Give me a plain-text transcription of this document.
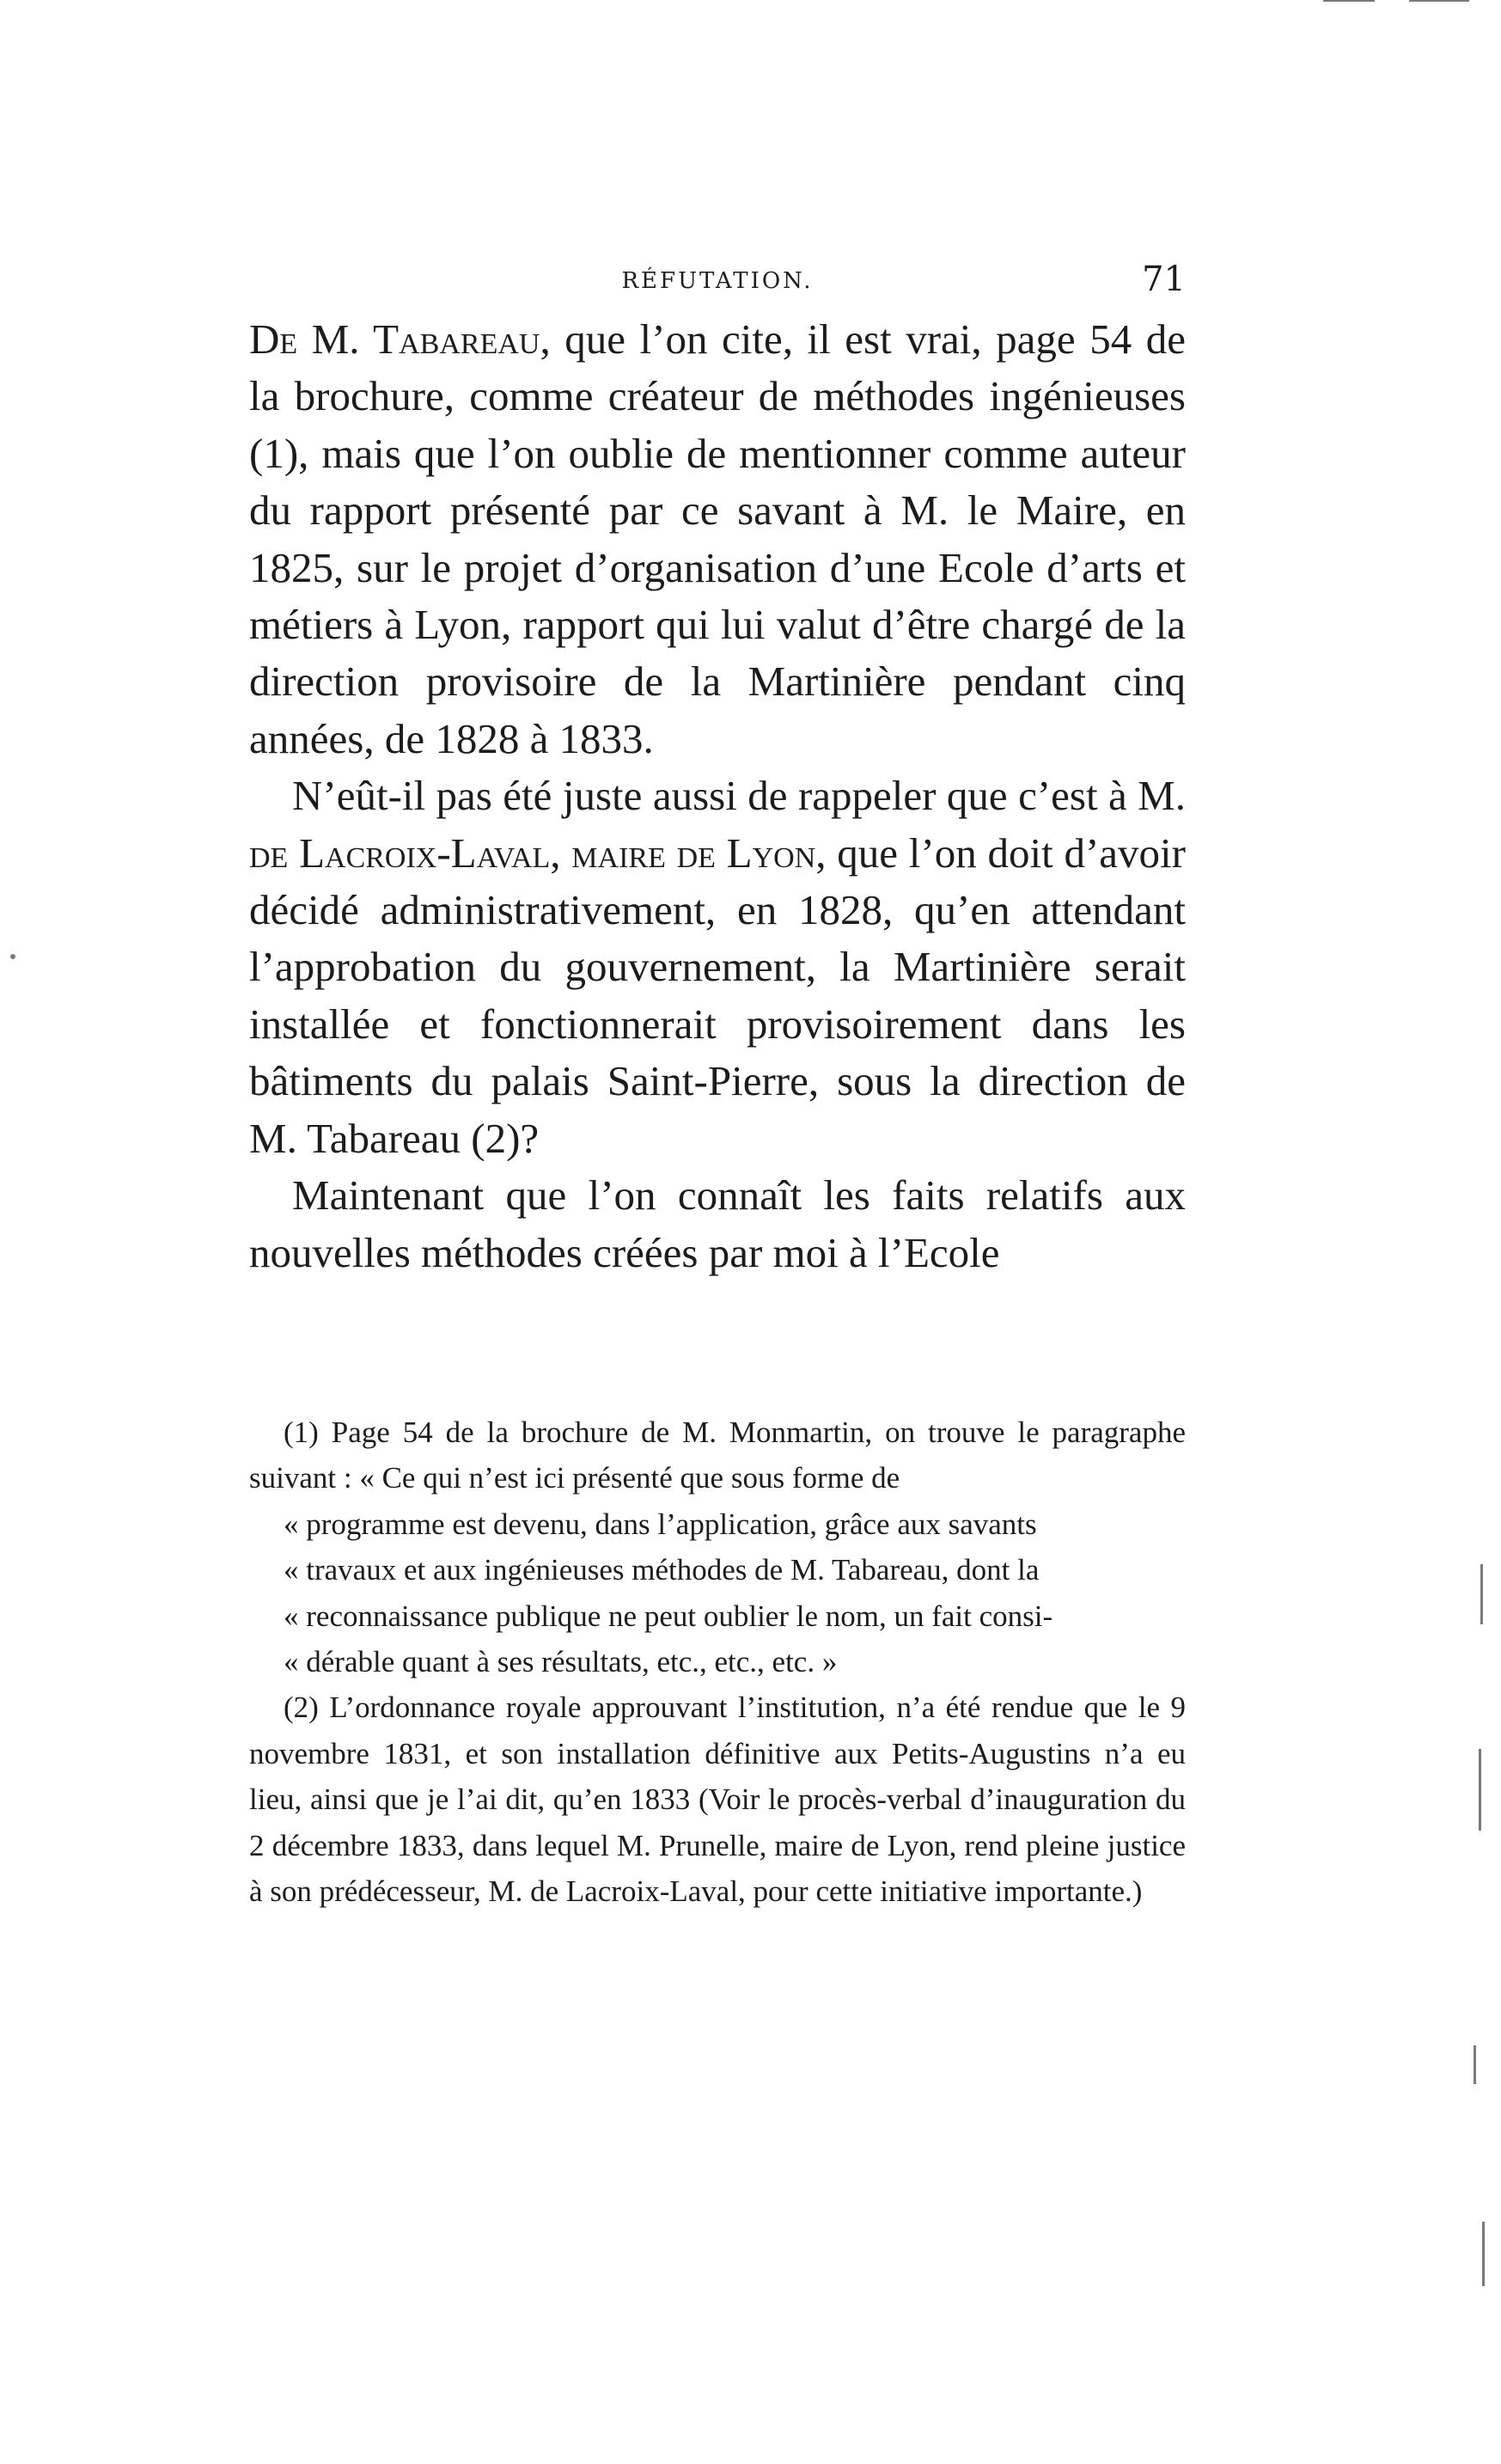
RÉFUTATION.	71

De M. Tabareau, que l’on cite, il est vrai, page 54 de la brochure, comme créateur de méthodes ingénieuses (1), mais que l’on oublie de mentionner comme auteur du rapport présenté par ce savant à M. le Maire, en 1825, sur le projet d’organisation d’une Ecole d’arts et métiers à Lyon, rapport qui lui valut d’être chargé de la direction provisoire de la Martinière pendant cinq années, de 1828 à 1833.

N’eût-il pas été juste aussi de rappeler que c’est à M. de Lacroix-Laval, maire de Lyon, que l’on doit d’avoir décidé administrativement, en 1828, qu’en attendant l’approbation du gouvernement, la Martinière serait installée et fonctionnerait provisoirement dans les bâtiments du palais Saint-Pierre, sous la direction de M. Tabareau (2)?

Maintenant que l’on connaît les faits relatifs aux nouvelles méthodes créées par moi à l’Ecole

(1) Page 54 de la brochure de M. Monmartin, on trouve le paragraphe suivant : « Ce qui n’est ici présenté que sous forme de
« programme est devenu, dans l’application, grâce aux savants
« travaux et aux ingénieuses méthodes de M. Tabareau, dont la
« reconnaissance publique ne peut oublier le nom, un fait consi-
« dérable quant à ses résultats, etc., etc., etc. »

(2) L’ordonnance royale approuvant l’institution, n’a été rendue que le 9 novembre 1831, et son installation définitive aux Petits-Augustins n’a eu lieu, ainsi que je l’ai dit, qu’en 1833 (Voir le procès-verbal d’inauguration du 2 décembre 1833, dans lequel M. Prunelle, maire de Lyon, rend pleine justice à son prédécesseur, M. de Lacroix-Laval, pour cette initiative importante.)
